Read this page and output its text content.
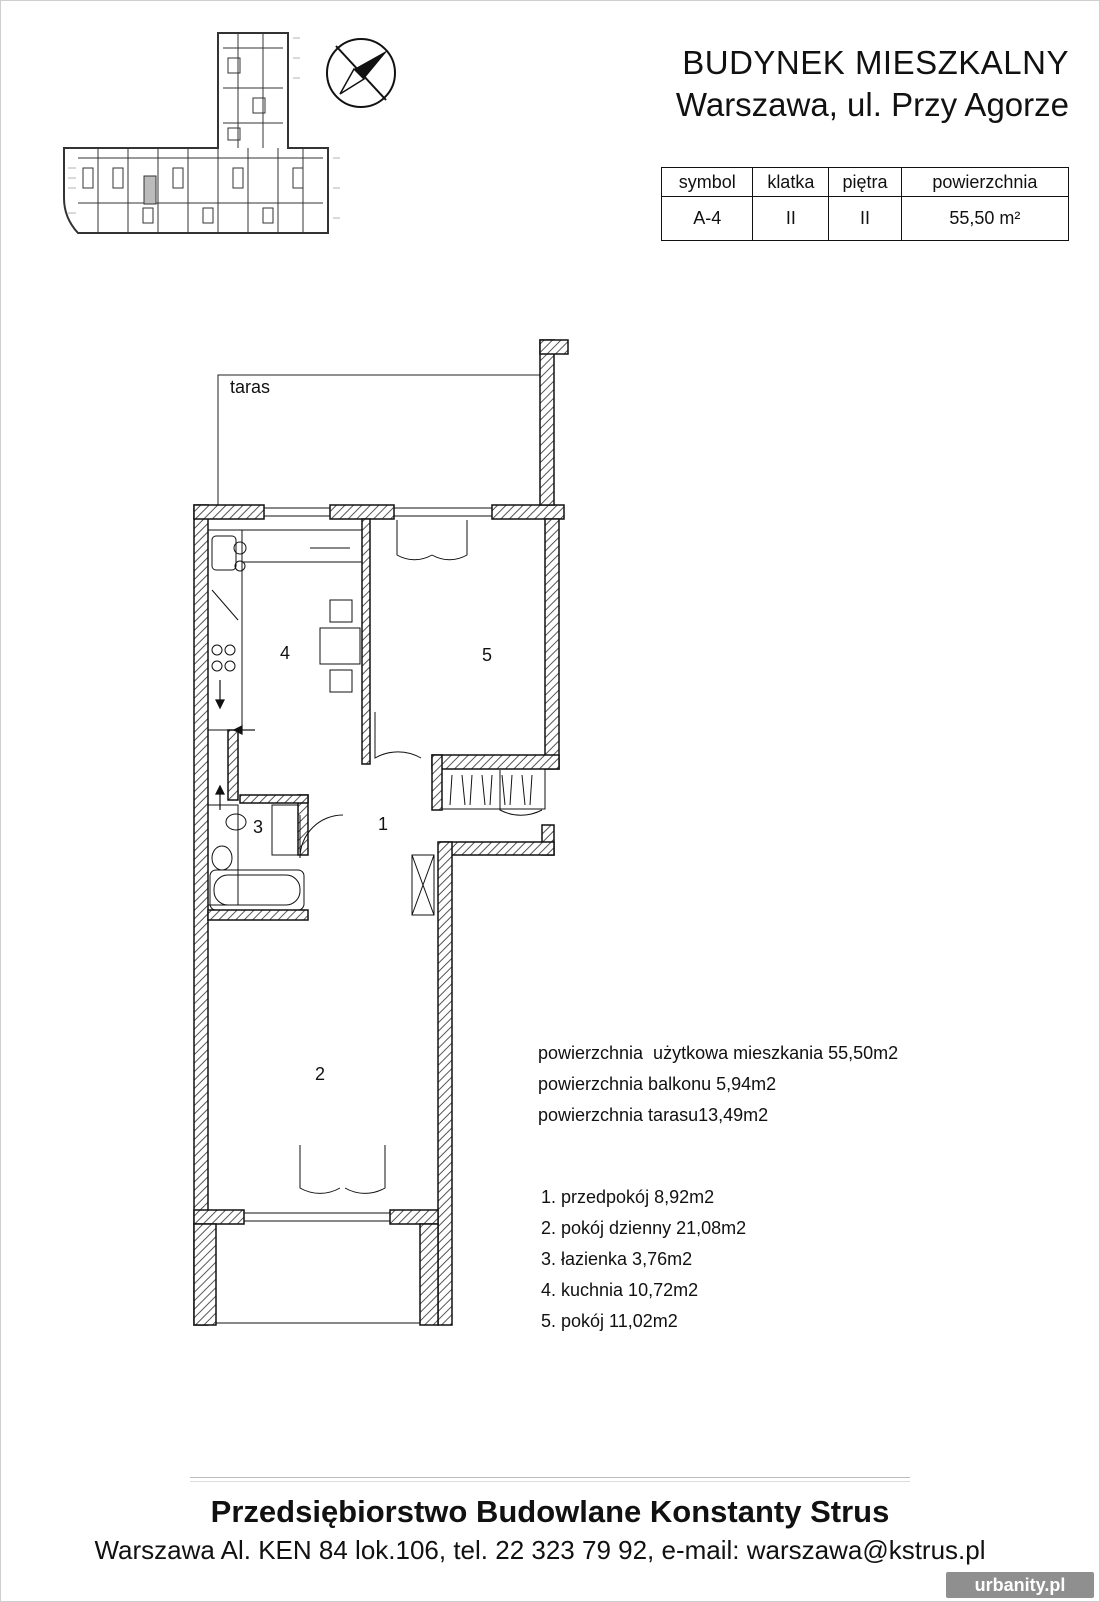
BUDYNEK MIESZKALNY
Warszawa, ul. Przy Agorze
symbol	klatka	piętra	powierzchnia
A-4	II	II	55,50 m²
taras
1
2
3
4	5
powierzchnia  użytkowa mieszkania 55,50m2
powierzchnia balkonu 5,94m2
powierzchnia tarasu13,49m2
1. przedpokój 8,92m2
2. pokój dzienny 21,08m2
3. łazienka 3,76m2
4. kuchnia 10,72m2
5. pokój 11,02m2
Przedsiębiorstwo Budowlane Konstanty Strus
Warszawa Al. KEN 84 lok.106, tel. 22 323 79 92, e-mail: warszawa@kstrus.pl
urbanity.pl
